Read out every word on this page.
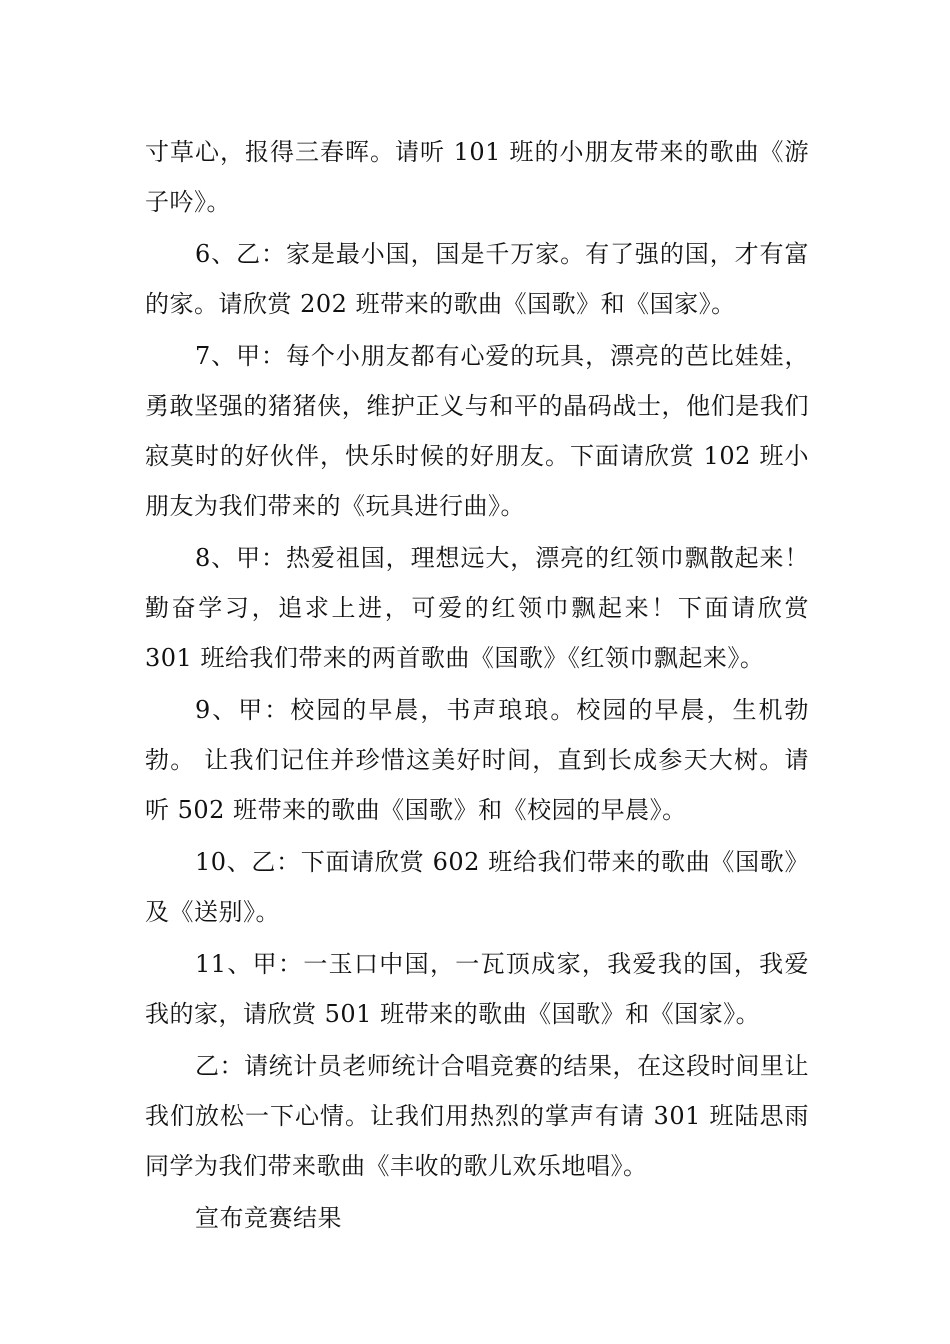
寸草心，报得三春晖。请听 101 班的小朋友带来的歌曲《游子吟》。

6、乙：家是最小国，国是千万家。有了强的国，才有富的家。请欣赏 202 班带来的歌曲《国歌》和《国家》。

7、甲：每个小朋友都有心爱的玩具，漂亮的芭比娃娃，勇敢坚强的猪猪侠，维护正义与和平的晶码战士，他们是我们寂莫时的好伙伴，快乐时候的好朋友。下面请欣赏 102 班小朋友为我们带来的《玩具进行曲》。

8、甲：热爱祖国，理想远大，漂亮的红领巾飘散起来！勤奋学习，追求上进，可爱的红领巾飘起来！下面请欣赏 301 班给我们带来的两首歌曲《国歌》《红领巾飘起来》。

9、甲：校园的早晨，书声琅琅。校园的早晨，生机勃勃。 让我们记住并珍惜这美好时间，直到长成参天大树。请听 502 班带来的歌曲《国歌》和《校园的早晨》。

10、乙：下面请欣赏 602 班给我们带来的歌曲《国歌》及《送别》。

11、甲：一玉口中国，一瓦顶成家，我爱我的国，我爱我的家，请欣赏 501 班带来的歌曲《国歌》和《国家》。

乙：请统计员老师统计合唱竞赛的结果，在这段时间里让我们放松一下心情。让我们用热烈的掌声有请 301 班陆思雨同学为我们带来歌曲《丰收的歌儿欢乐地唱》。

宣布竞赛结果
